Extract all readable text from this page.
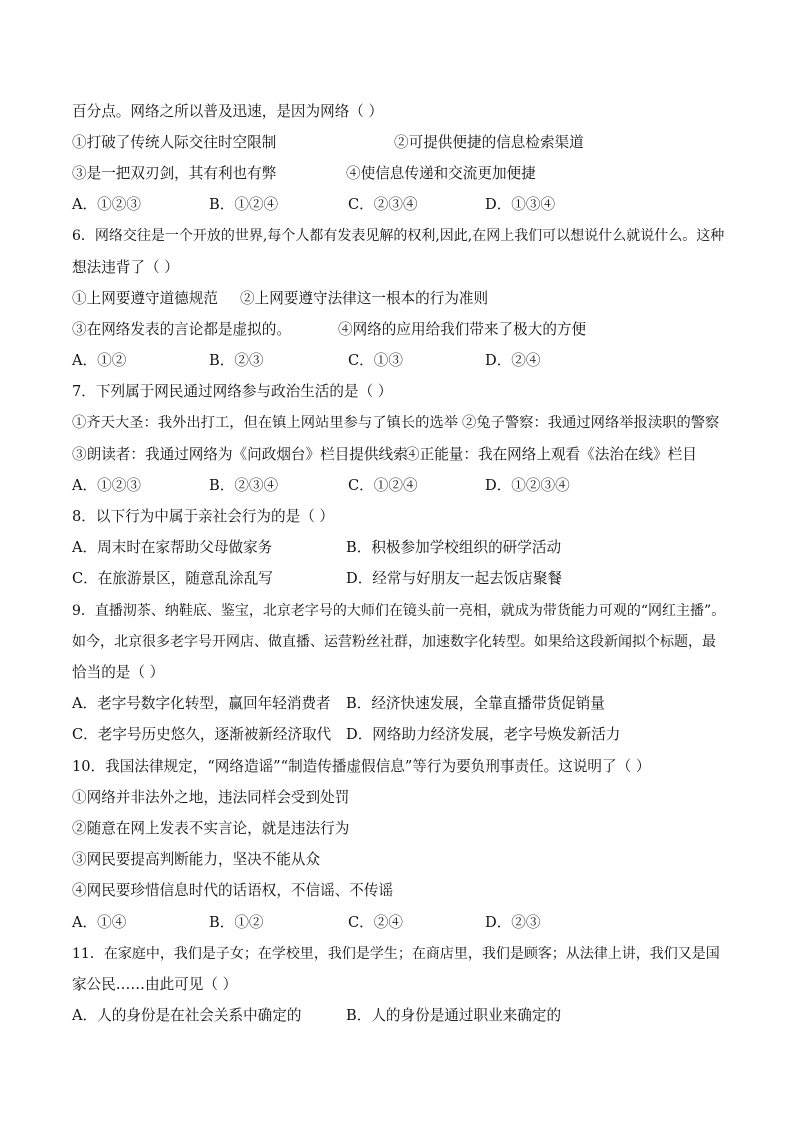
百分点。网络之所以普及迅速，是因为网络（ ）
①打破了传统人际交往时空限制	②可提供便捷的信息检索渠道
③是一把双刃剑，其有利也有弊	④使信息传递和交流更加便捷
A．①②③	B．①②④	C．②③④	D．①③④
6．网络交往是一个开放的世界,每个人都有发表见解的权利,因此,在网上我们可以想说什么就说什么。这种
想法违背了（ ）
①上网要遵守道德规范 ②上网要遵守法律这一根本的行为准则
③在网络发表的言论都是虚拟的。	④网络的应用给我们带来了极大的方便
A．①②	B．②③	C．①③	D．②④
7．下列属于网民通过网络参与政治生活的是（ ）
①齐天大圣：我外出打工，但在镇上网站里参与了镇长的选举 ②兔子警察：我通过网络举报渎职的警察
③朗读者：我通过网络为《问政烟台》栏目提供线索
④正能量：我在网络上观看《法治在线》栏目
A．①②③	B．②③④	C．①②④	D．①②③④
8．以下行为中属于亲社会行为的是（ ）
A．周末时在家帮助父母做家务	B．积极参加学校组织的研学活动
C．在旅游景区，随意乱涂乱写	D．经常与好朋友一起去饭店聚餐
9．直播沏茶、纳鞋底、鉴宝，北京老字号的大师们在镜头前一亮相，就成为带货能力可观的“网红主播”。
如今，北京很多老字号开网店、做直播、运营粉丝社群，加速数字化转型。如果给这段新闻拟个标题，最
恰当的是（ ）
A．老字号数字化转型，赢回年轻消费者 B．经济快速发展，全靠直播带货促销量
C．老字号历史悠久，逐渐被新经济取代 D．网络助力经济发展，老字号焕发新活力
10．我国法律规定，“网络造谣”“制造传播虚假信息”等行为要负刑事责任。这说明了（ ）
①网络并非法外之地，违法同样会受到处罚
②随意在网上发表不实言论，就是违法行为
③网民要提高判断能力，坚决不能从众
④网民要珍惜信息时代的话语权，不信谣、不传谣
A．①④	B．①②	C．②④	D．②③
11．在家庭中，我们是子女；在学校里，我们是学生；在商店里，我们是顾客；从法律上讲，我们又是国
家公民……由此可见（ ）
A．人的身份是在社会关系中确定的	B．人的身份是通过职业来确定的
